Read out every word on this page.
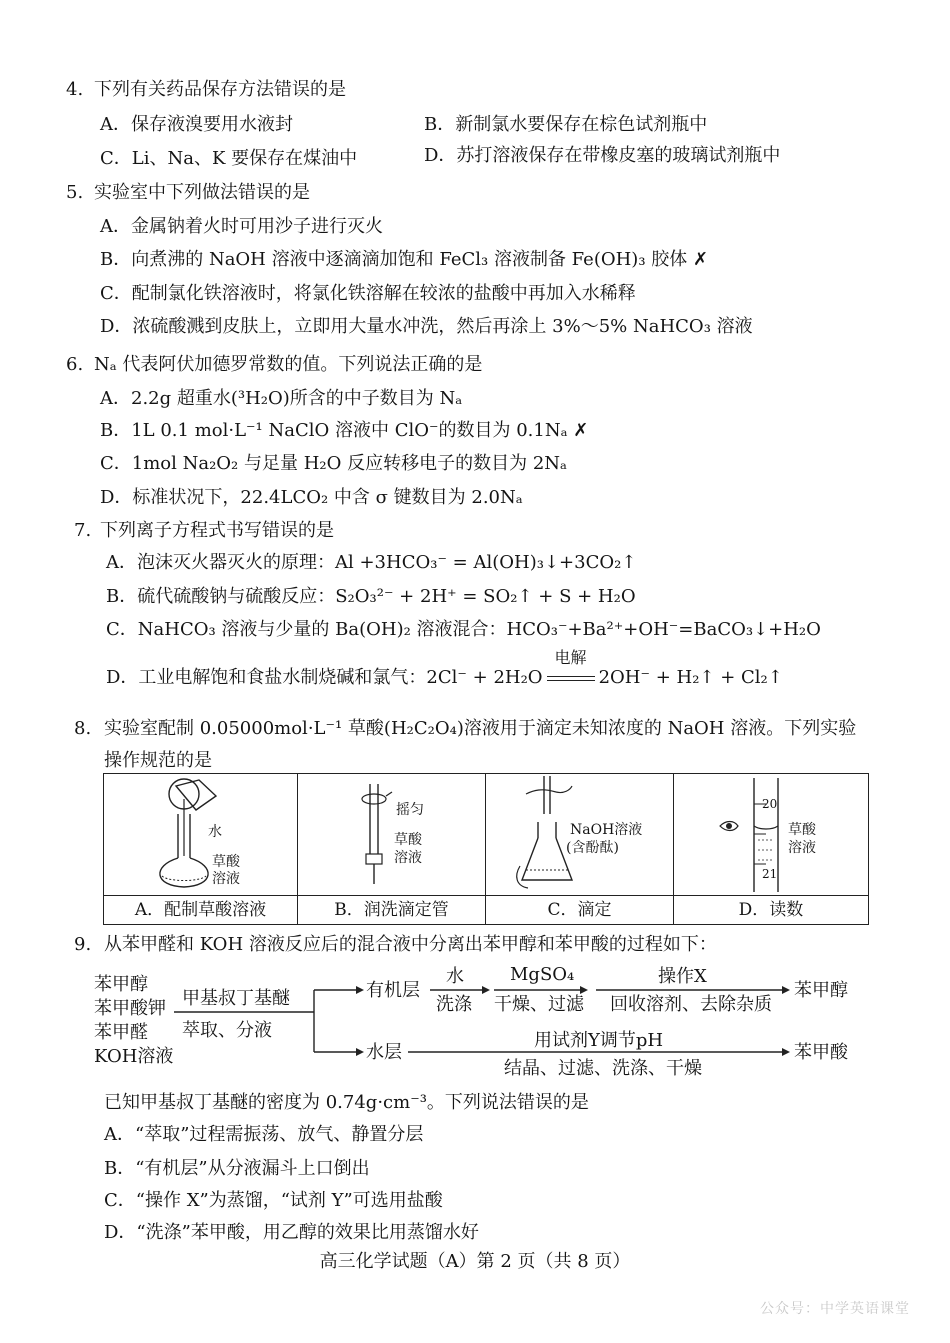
4. 下列有关药品保存方法错误的是
A．保存液溴要用水液封	B．新制氯水要保存在棕色试剂瓶中
C．Li、Na、K 要保存在煤油中	D．苏打溶液保存在带橡皮塞的玻璃试剂瓶中
5. 实验室中下列做法错误的是
A．金属钠着火时可用沙子进行灭火
B．向煮沸的 NaOH 溶液中逐滴滴加饱和 FeCl₃ 溶液制备 Fe(OH)₃ 胶体 ✗
C．配制氯化铁溶液时，将氯化铁溶解在较浓的盐酸中再加入水稀释
D．浓硫酸溅到皮肤上，立即用大量水冲洗，然后再涂上 3%～5% NaHCO₃ 溶液
6. Nₐ 代表阿伏加德罗常数的值。下列说法正确的是
A．2.2g 超重水(³H₂O)所含的中子数目为 Nₐ
B．1L 0.1 mol·L⁻¹ NaClO 溶液中 ClO⁻的数目为 0.1Nₐ ✗
C．1mol Na₂O₂ 与足量 H₂O 反应转移电子的数目为 2Nₐ
D．标准状况下，22.4LCO₂ 中含 σ 键数目为 2.0Nₐ
7. 下列离子方程式书写错误的是
A．泡沫灭火器灭火的原理：Al +3HCO₃⁻ = Al(OH)₃↓+3CO₂↑
B．硫代硫酸钠与硫酸反应：S₂O₃²⁻ + 2H⁺ = SO₂↑ + S + H₂O
C．NaHCO₃ 溶液与少量的 Ba(OH)₂ 溶液混合：HCO₃⁻+Ba²⁺+OH⁻=BaCO₃↓+H₂O
D．工业电解饱和食盐水制烧碱和氯气：2Cl⁻ + 2H₂O
电解
2OH⁻ + H₂↑ + Cl₂↑
8. 实验室配制 0.05000mol·L⁻¹ 草酸(H₂C₂O₄)溶液用于滴定未知浓度的 NaOH 溶液。下列实验
操作规范的是
水
草酸
溶液
A．配制草酸溶液
摇匀
草酸
溶液
B．润洗滴定管
NaOH溶液
(含酚酞)
C．滴定
20
草酸
溶液
21
D．读数
9. 从苯甲醛和 KOH 溶液反应后的混合液中分离出苯甲醇和苯甲酸的过程如下：
苯甲醇
苯甲酸钾
苯甲醛
KOH溶液
甲基叔丁基醚
萃取、分液
有机层
水层
水
洗涤
MgSO₄
干燥、过滤
操作X
回收溶剂、去除杂质
苯甲醇
用试剂Y调节pH
结晶、过滤、洗涤、干燥
苯甲酸
已知甲基叔丁基醚的密度为 0.74g·cm⁻³。下列说法错误的是
A．“萃取”过程需振荡、放气、静置分层
B．“有机层”从分液漏斗上口倒出
C．“操作 X”为蒸馏，“试剂 Y”可选用盐酸
D．“洗涤”苯甲酸，用乙醇的效果比用蒸馏水好
高三化学试题（A）第 2 页（共 8 页）
公众号：中学英语课堂
